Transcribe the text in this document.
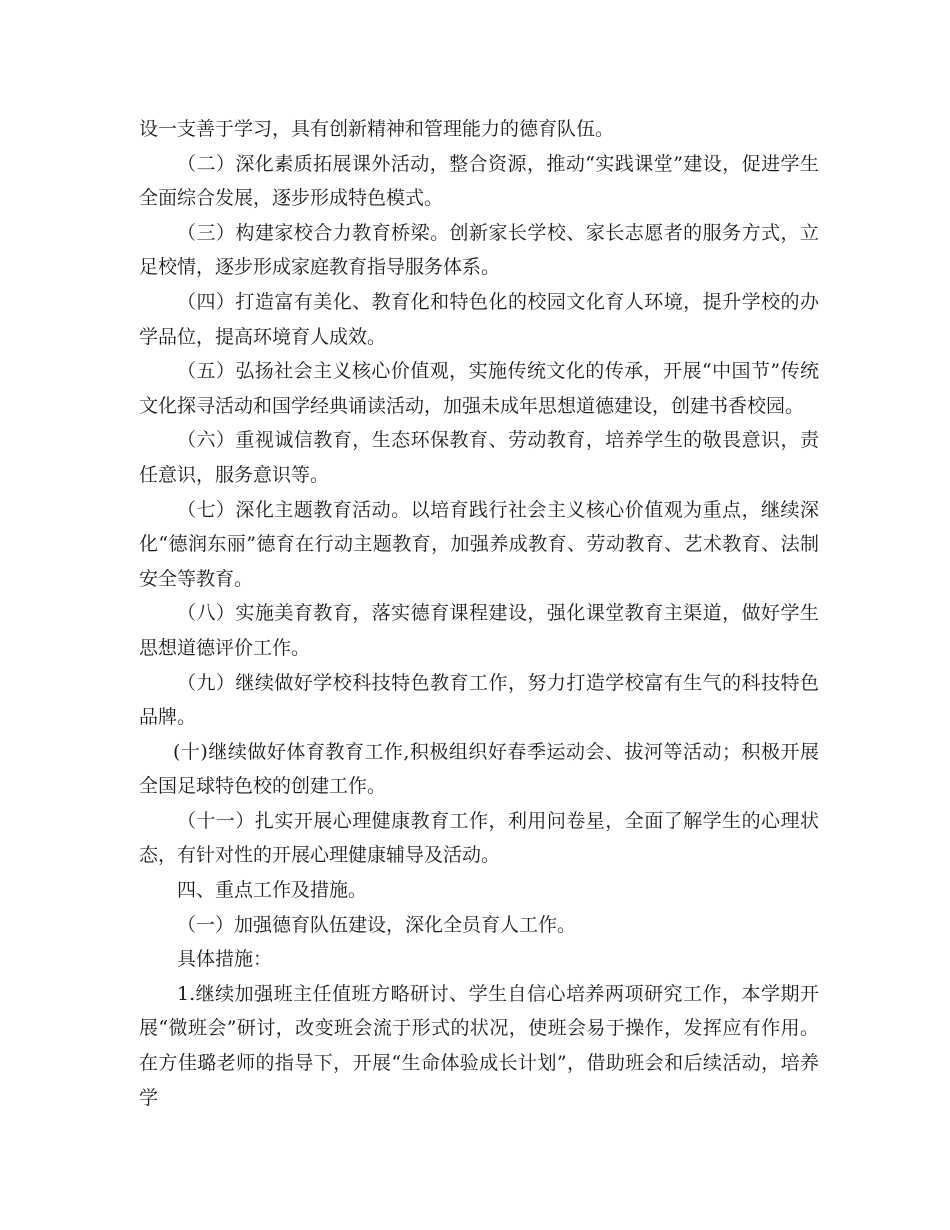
设一支善于学习，具有创新精神和管理能力的德育队伍。

（二）深化素质拓展课外活动，整合资源，推动“实践课堂”建设，促进学生全面综合发展，逐步形成特色模式。

（三）构建家校合力教育桥梁。创新家长学校、家长志愿者的服务方式，立足校情，逐步形成家庭教育指导服务体系。

（四）打造富有美化、教育化和特色化的校园文化育人环境，提升学校的办学品位，提高环境育人成效。

（五）弘扬社会主义核心价值观，实施传统文化的传承，开展“中国节”传统文化探寻活动和国学经典诵读活动，加强未成年思想道德建设，创建书香校园。

（六）重视诚信教育，生态环保教育、劳动教育，培养学生的敬畏意识，责任意识，服务意识等。

（七）深化主题教育活动。以培育践行社会主义核心价值观为重点，继续深化“德润东丽”德育在行动主题教育，加强养成教育、劳动教育、艺术教育、法制安全等教育。

（八）实施美育教育，落实德育课程建设，强化课堂教育主渠道，做好学生思想道德评价工作。

（九）继续做好学校科技特色教育工作，努力打造学校富有生气的科技特色品牌。

(十)继续做好体育教育工作,积极组织好春季运动会、拔河等活动；积极开展全国足球特色校的创建工作。

（十一）扎实开展心理健康教育工作，利用问卷星，全面了解学生的心理状态，有针对性的开展心理健康辅导及活动。

四、重点工作及措施。

（一）加强德育队伍建设，深化全员育人工作。

具体措施：

1.继续加强班主任值班方略研讨、学生自信心培养两项研究工作，本学期开展“微班会”研讨，改变班会流于形式的状况，使班会易于操作，发挥应有作用。在方佳璐老师的指导下，开展“生命体验成长计划”，借助班会和后续活动，培养学
